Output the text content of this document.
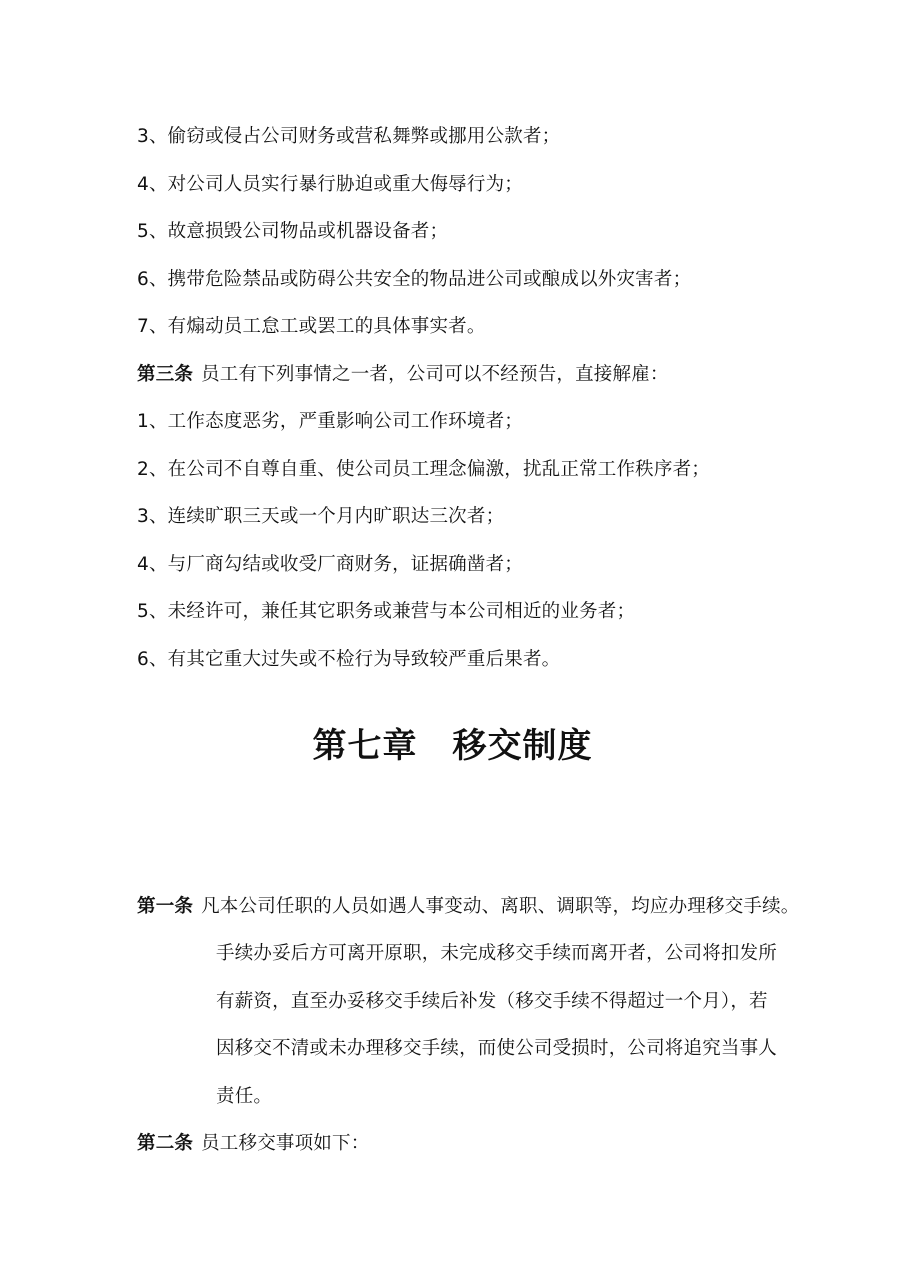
3、偷窃或侵占公司财务或营私舞弊或挪用公款者；
4、对公司人员实行暴行胁迫或重大侮辱行为；
5、故意损毁公司物品或机器设备者；
6、携带危险禁品或防碍公共安全的物品进公司或酿成以外灾害者；
7、有煽动员工怠工或罢工的具体事实者。
第三条 员工有下列事情之一者，公司可以不经预告，直接解雇：
1、工作态度恶劣，严重影响公司工作环境者；
2、在公司不自尊自重、使公司员工理念偏激，扰乱正常工作秩序者；
3、连续旷职三天或一个月内旷职达三次者；
4、与厂商勾结或收受厂商财务，证据确凿者；
5、未经许可，兼任其它职务或兼营与本公司相近的业务者；
6、有其它重大过失或不检行为导致较严重后果者。
第七章　移交制度
第一条 凡本公司任职的人员如遇人事变动、离职、调职等，均应办理移交手续。
手续办妥后方可离开原职，未完成移交手续而离开者，公司将扣发所
有薪资，直至办妥移交手续后补发（移交手续不得超过一个月），若
因移交不清或未办理移交手续，而使公司受损时，公司将追究当事人
责任。
第二条 员工移交事项如下：
